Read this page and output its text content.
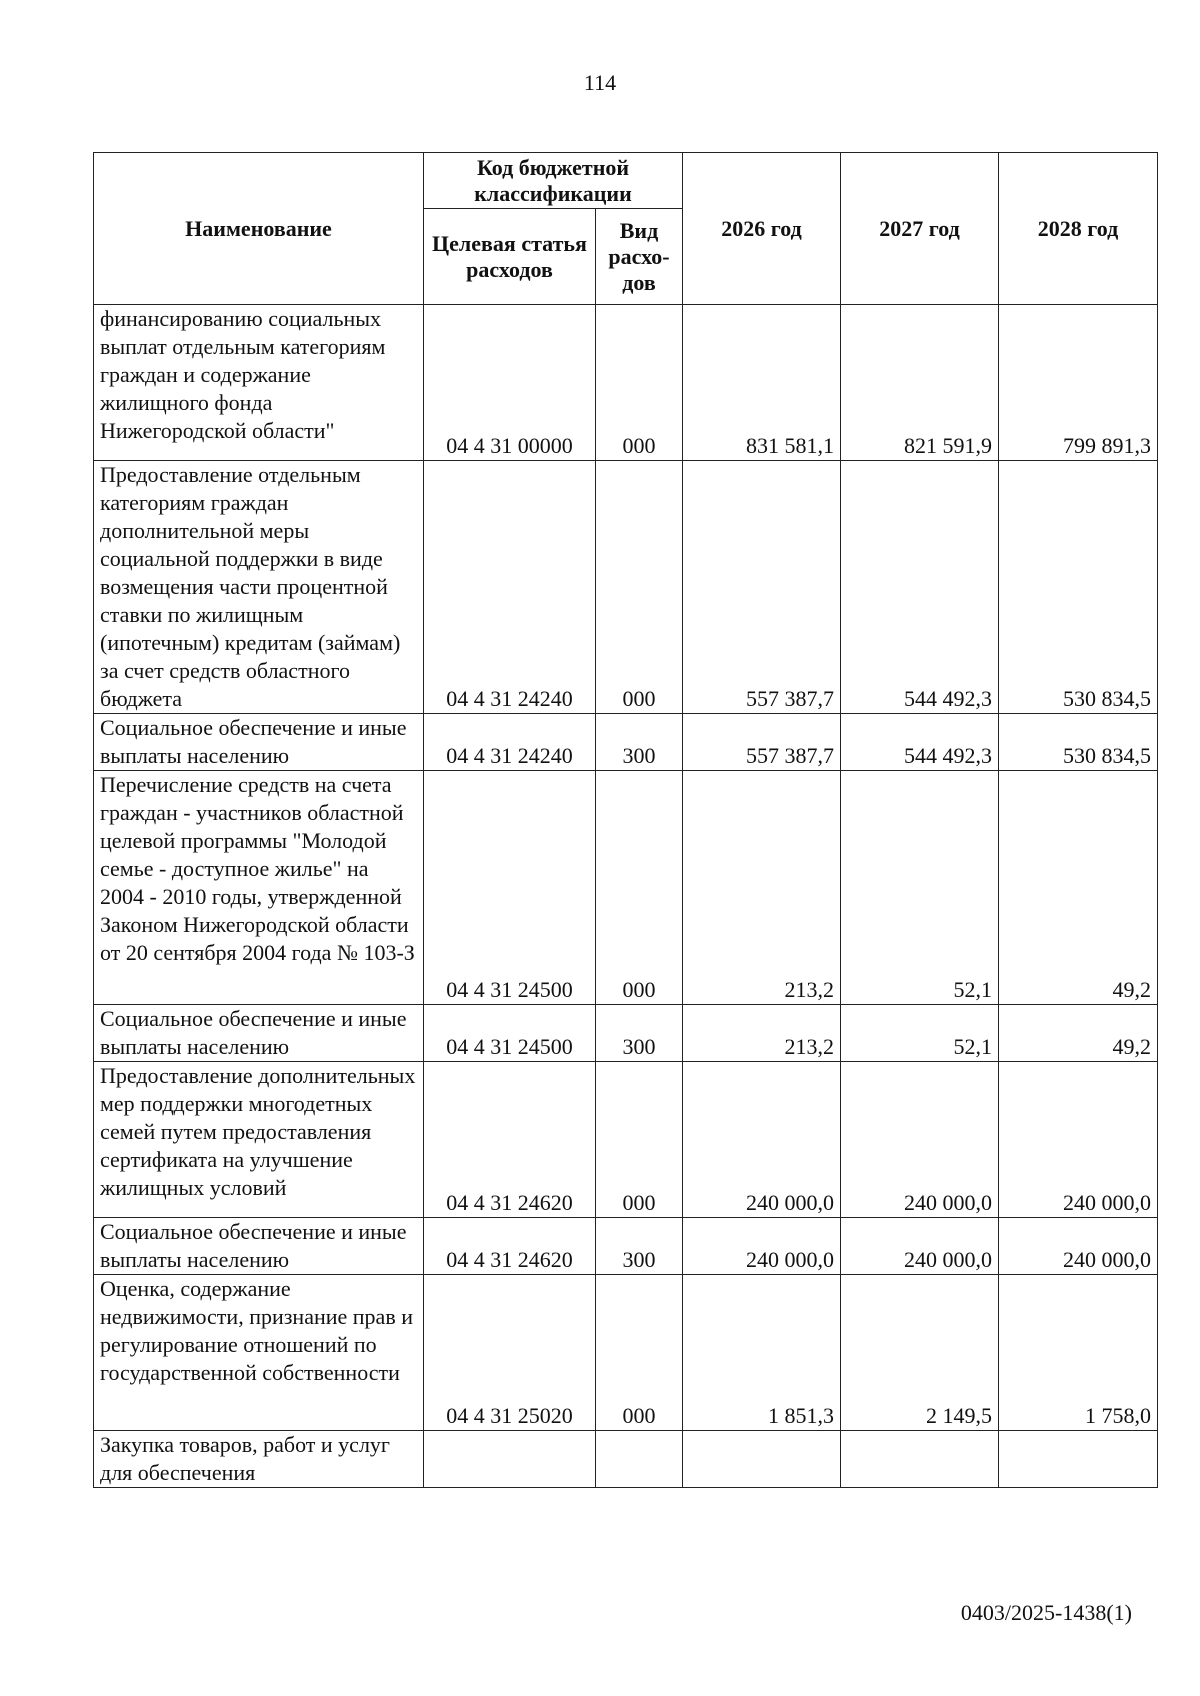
114
Наименование	Код бюджетной классификации		2026 год	2027 год	2028 год
	Целевая статья расходов	Вид расхо-дов			
финансированию социальных выплат отдельным категориям граждан и содержание жилищного фонда Нижегородской области"	04 4 31 00000	000	831 581,1	821 591,9	799 891,3
Предоставление отдельным категориям граждан дополнительной меры социальной поддержки в виде возмещения части процентной ставки по жилищным (ипотечным) кредитам (займам) за счет средств областного бюджета	04 4 31 24240	000	557 387,7	544 492,3	530 834,5
Социальное обеспечение и иные выплаты населению	04 4 31 24240	300	557 387,7	544 492,3	530 834,5
Перечисление средств на счета граждан - участников областной целевой программы "Молодой семье - доступное жилье" на 2004 - 2010 годы, утвержденной Законом Нижегородской области от 20 сентября 2004 года № 103-З	04 4 31 24500	000	213,2	52,1	49,2
Социальное обеспечение и иные выплаты населению	04 4 31 24500	300	213,2	52,1	49,2
Предоставление дополнительных мер поддержки многодетных семей путем предоставления сертификата на улучшение жилищных условий	04 4 31 24620	000	240 000,0	240 000,0	240 000,0
Социальное обеспечение и иные выплаты населению	04 4 31 24620	300	240 000,0	240 000,0	240 000,0
Оценка, содержание недвижимости, признание прав и регулирование отношений по государственной собственности	04 4 31 25020	000	1 851,3	2 149,5	1 758,0
Закупка товаров, работ и услуг для обеспечения					
0403/2025-1438(1)
